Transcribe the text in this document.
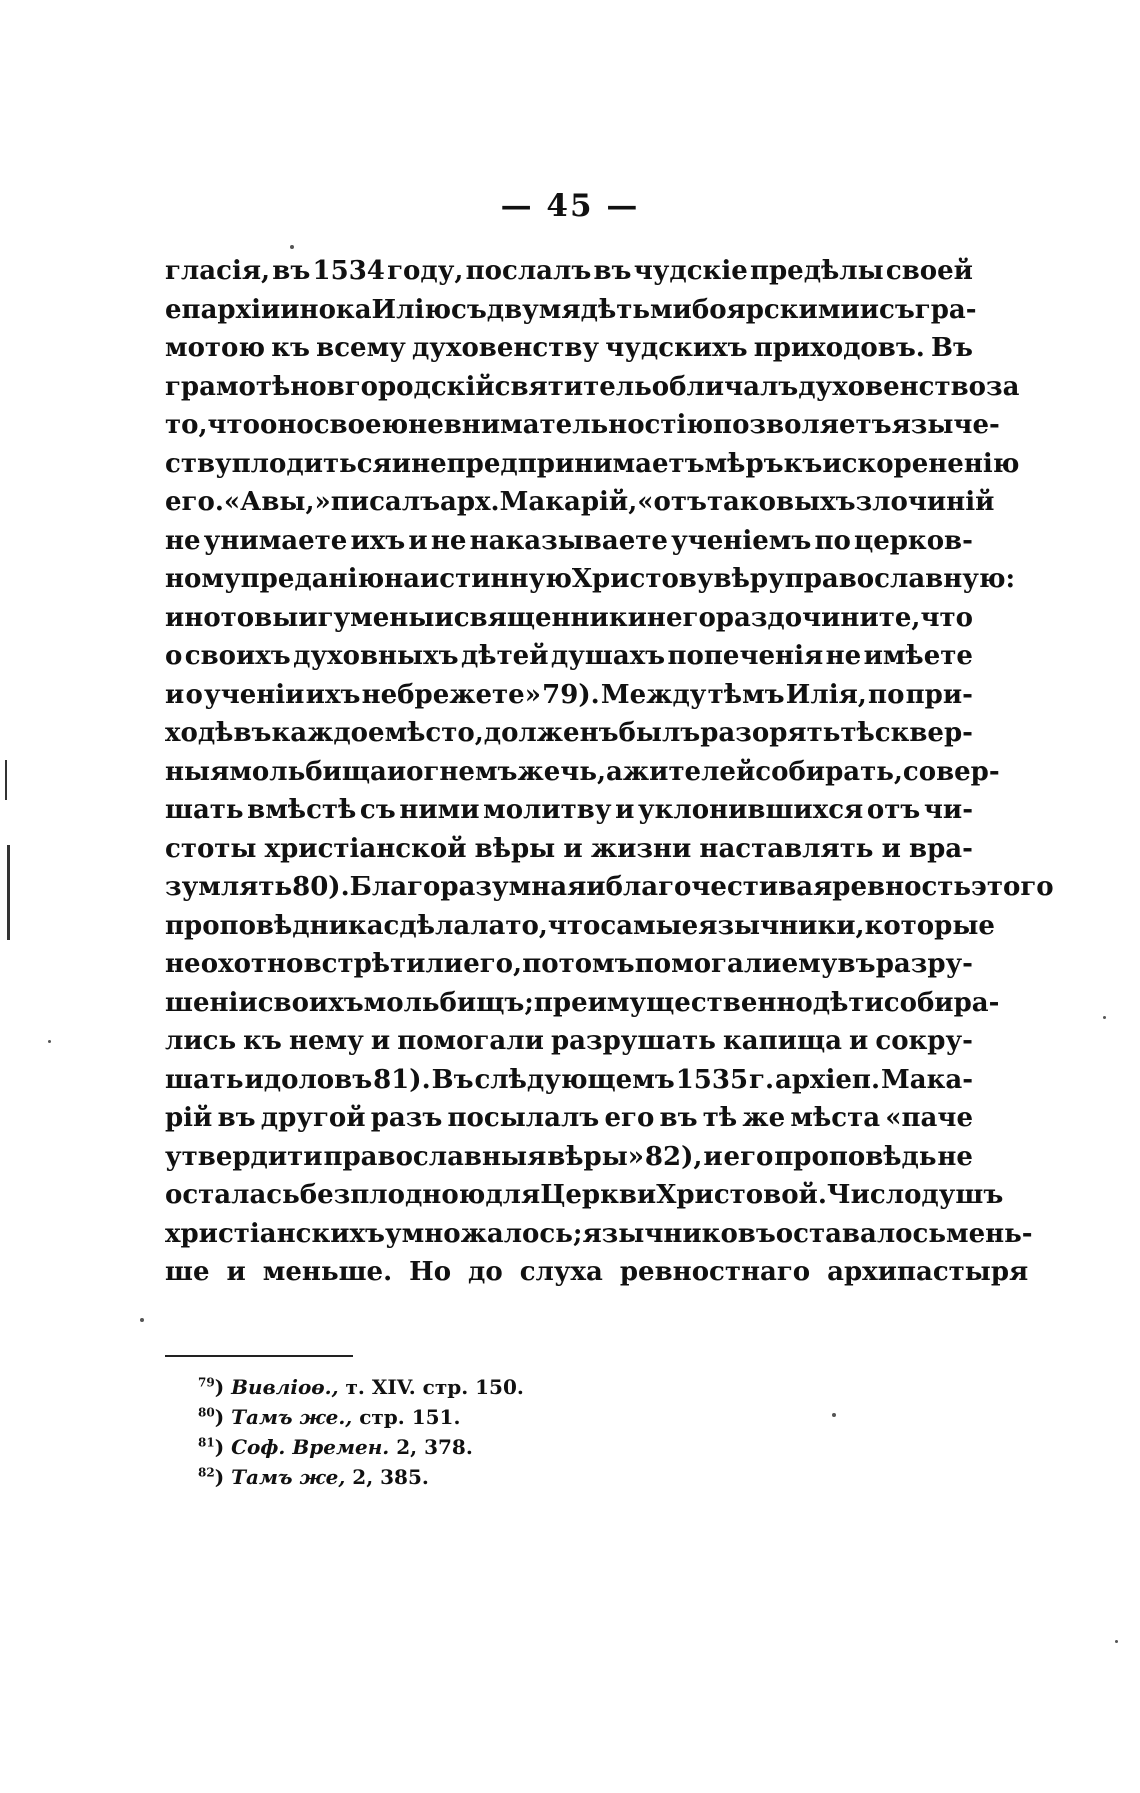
— 45 —
гласія, въ 1534 году, послалъ въ чудскіе предѣлы своей
епархіи инока Илію съ двумя дѣтьми боярскими и съ гра-
мотою къ всему духовенству чудскихъ приходовъ. Въ
грамотѣ новгородскій святитель обличалъ духовенство за
то, что оно своею невнимательностію позволяетъ языче-
ству плодиться и не предпринимаетъ мѣръ къ искорененію
его. «А вы,» писалъ арх. Макарій, «отъ таковыхъ злочиній
не унимаете ихъ и не наказываете ученіемъ по церков-
ному преданію на истинную Христову вѣру православную:
ино то вы игумены и священники не гораздо чините, что
о своихъ духовныхъ дѣтей душахъ попеченія не имѣете
и о ученіи ихъ небрежете» 79). Между тѣмъ Илія, по при-
ходѣ въ каждое мѣсто, долженъ былъ разорять тѣ сквер-
ныя мольбища и огнемъ жечь, а жителей собирать, совер-
шать вмѣстѣ съ ними молитву и уклонившихся отъ чи-
стоты христіанской вѣры и жизни наставлять и вра-
зумлять 80). Благоразумная и благочестивая ревность этого
проповѣдника сдѣлала то, что самые язычники, которые
не охотно встрѣтили его, потомъ помогали ему въ разру-
шеніи своихъ мольбищъ; преимущественно дѣти собира-
лись къ нему и помогали разрушать капища и сокру-
шать идоловъ 81). Въ слѣдующемъ 1535 г. архіеп. Мака-
рій въ другой разъ посылалъ его въ тѣ же мѣста «паче
утвердити православныя вѣры» 82), и его проповѣдь не
осталась безплодною для Церкви Христовой. Число душъ
христіанскихъ умножалось; язычниковъ оставалось мень-
ше и меньше. Но до слуха ревностнаго архипастыря
$^{79}$) Вивліоө., т. XIV. стр. 150.
$^{80}$) Тамъ же., стр. 151.
$^{81}$) Соф. Времен. 2, 378.
$^{82}$) Тамъ же, 2, 385.
